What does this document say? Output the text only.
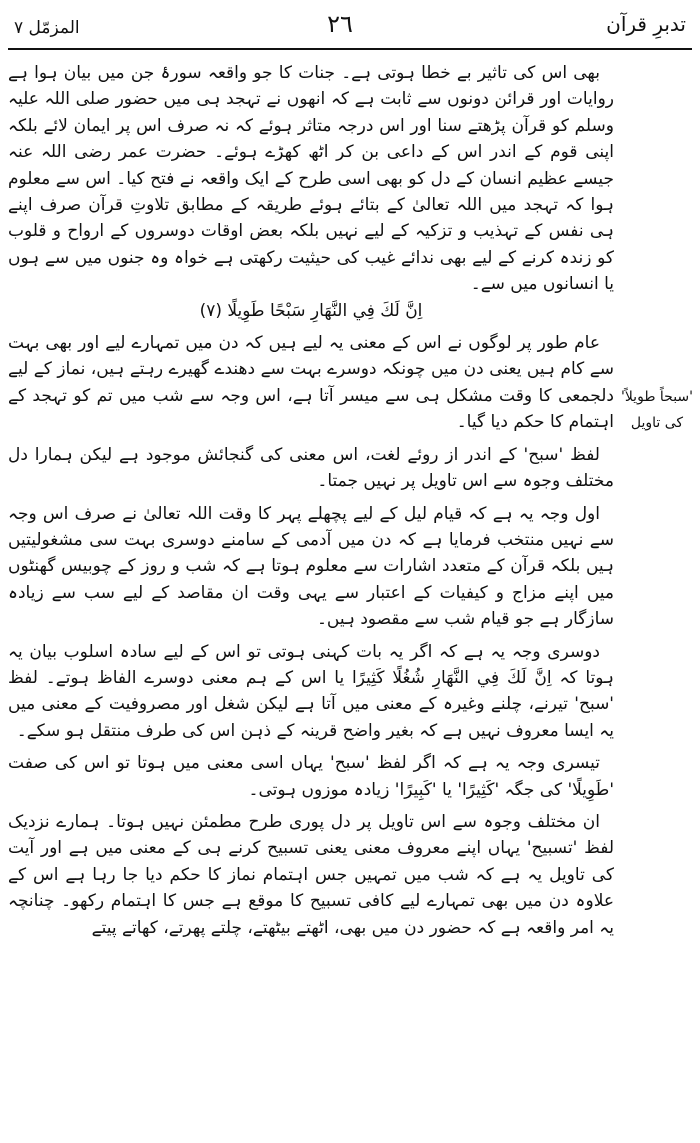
المزمّل ٧	٢٦	تدبرِ قرآن

بھی اس کی تاثیر بے خطا ہوتی ہے۔ جنات کا جو واقعہ سورۂ جن میں بیان ہوا ہے روایات اور قرائن دونوں سے ثابت ہے کہ انھوں نے تہجد ہی میں حضور صلی اللہ علیہ وسلم کو قرآن پڑھتے سنا اور اس درجہ متاثر ہوئے کہ نہ صرف اس پر ایمان لائے بلکہ اپنی قوم کے اندر اس کے داعی بن کر اٹھ کھڑے ہوئے۔ حضرت عمر رضی اللہ عنہ جیسے عظیم انسان کے دل کو بھی اسی طرح کے ایک واقعہ نے فتح کیا۔ اس سے معلوم ہوا کہ تہجد میں اللہ تعالیٰ کے بتائے ہوئے طریقہ کے مطابق تلاوتِ قرآن صرف اپنے ہی نفس کے تہذیب و تزکیہ کے لیے نہیں بلکہ بعض اوقات دوسروں کے ارواح و قلوب کو زندہ کرنے کے لیے بھی ندائے غیب کی حیثیت رکھتی ہے خواہ وہ جنوں میں سے ہوں یا انسانوں میں سے۔

اِنَّ لَكَ فِي النَّهَارِ سَبْحًا طَوِيلًا (٧)

عام طور پر لوگوں نے اس کے معنی یہ لیے ہیں کہ دن میں تمہارے لیے اور بھی بہت سے کام ہیں یعنی دن میں چونکہ دوسرے بہت سے دھندے گھیرے رہتے ہیں، نماز کے لیے دلجمعی کا وقت مشکل ہی سے میسر آتا ہے، اس وجہ سے شب میں تم کو تہجد کے اہتمام کا حکم دیا گیا۔

لفظ 'سبح' کے اندر از روئے لغت، اس معنی کی گنجائش موجود ہے لیکن ہمارا دل مختلف وجوہ سے اس تاویل پر نہیں جمتا۔

اول وجہ یہ ہے کہ قیام لیل کے لیے پچھلے پہر کا وقت اللہ تعالیٰ نے صرف اس وجہ سے نہیں منتخب فرمایا ہے کہ دن میں آدمی کے سامنے دوسری بہت سی مشغولیتیں ہیں بلکہ قرآن کے متعدد اشارات سے معلوم ہوتا ہے کہ شب و روز کے چوبیس گھنٹوں میں اپنے مزاج و کیفیات کے اعتبار سے یہی وقت ان مقاصد کے لیے سب سے زیادہ سازگار ہے جو قیام شب سے مقصود ہیں۔

دوسری وجہ یہ ہے کہ اگر یہ بات کہنی ہوتی تو اس کے لیے سادہ اسلوب بیان یہ ہوتا کہ اِنَّ لَكَ فِي النَّهَارِ شُغُلًا كَثِيرًا یا اس کے ہم معنی دوسرے الفاظ ہوتے۔ لفظ 'سبح' تیرنے، چلنے وغیرہ کے معنی میں آتا ہے لیکن شغل اور مصروفیت کے معنی میں یہ ایسا معروف نہیں ہے کہ بغیر واضح قرینہ کے ذہن اس کی طرف منتقل ہو سکے۔

تیسری وجہ یہ ہے کہ اگر لفظ 'سبح' یہاں اسی معنی میں ہوتا تو اس کی صفت 'طَوِيلًا' کی جگہ 'كَثِيرًا' یا 'كَبِيرًا' زیادہ موزوں ہوتی۔

ان مختلف وجوہ سے اس تاویل پر دل پوری طرح مطمئن نہیں ہوتا۔ ہمارے نزدیک لفظ 'تسبیح' یہاں اپنے معروف معنی یعنی تسبیح کرنے ہی کے معنی میں ہے اور آیت کی تاویل یہ ہے کہ شب میں تمہیں جس اہتمام نماز کا حکم دیا جا رہا ہے اس کے علاوہ دن میں بھی تمہارے لیے کافی تسبیح کا موقع ہے جس کا اہتمام رکھو۔ چنانچہ یہ امر واقعہ ہے کہ حضور دن میں بھی، اٹھتے بیٹھتے، چلتے پھرتے، کھاتے پیتے

'سبحاً طویلاً'
کی تاویل
